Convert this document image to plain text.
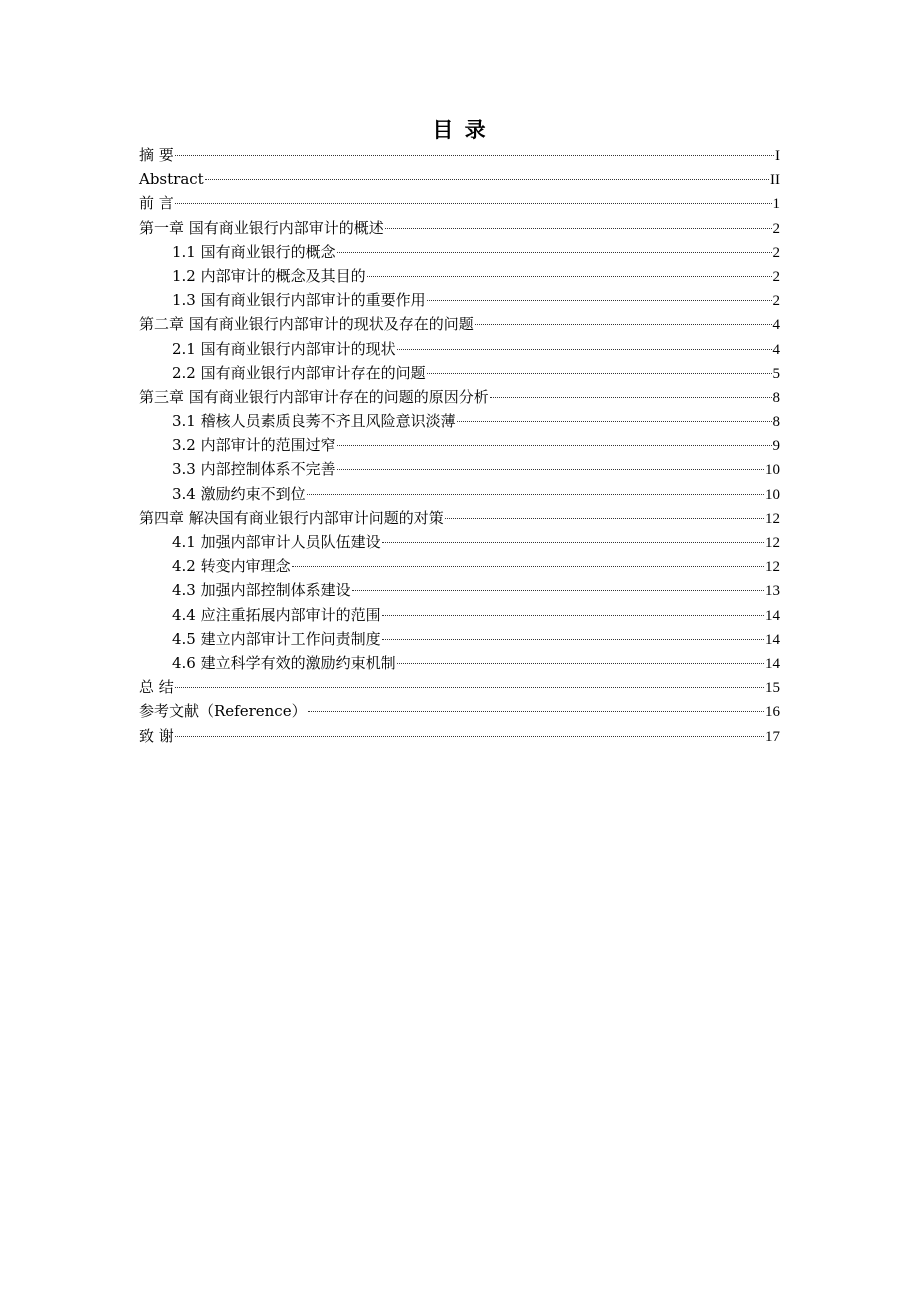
目 录
摘 要	I
Abstract	II
前 言	1
第一章 国有商业银行内部审计的概述	2
1.1 国有商业银行的概念	2
1.2 内部审计的概念及其目的	2
1.3 国有商业银行内部审计的重要作用	2
第二章 国有商业银行内部审计的现状及存在的问题	4
2.1 国有商业银行内部审计的现状	4
2.2 国有商业银行内部审计存在的问题	5
第三章 国有商业银行内部审计存在的问题的原因分析	8
3.1 稽核人员素质良莠不齐且风险意识淡薄	8
3.2 内部审计的范围过窄	9
3.3 内部控制体系不完善	10
3.4 激励约束不到位	10
第四章 解决国有商业银行内部审计问题的对策	12
4.1 加强内部审计人员队伍建设	12
4.2 转变内审理念	12
4.3 加强内部控制体系建设	13
4.4 应注重拓展内部审计的范围	14
4.5 建立内部审计工作问责制度	14
4.6 建立科学有效的激励约束机制	14
总 结	15
参考文献（Reference）	16
致 谢	17
